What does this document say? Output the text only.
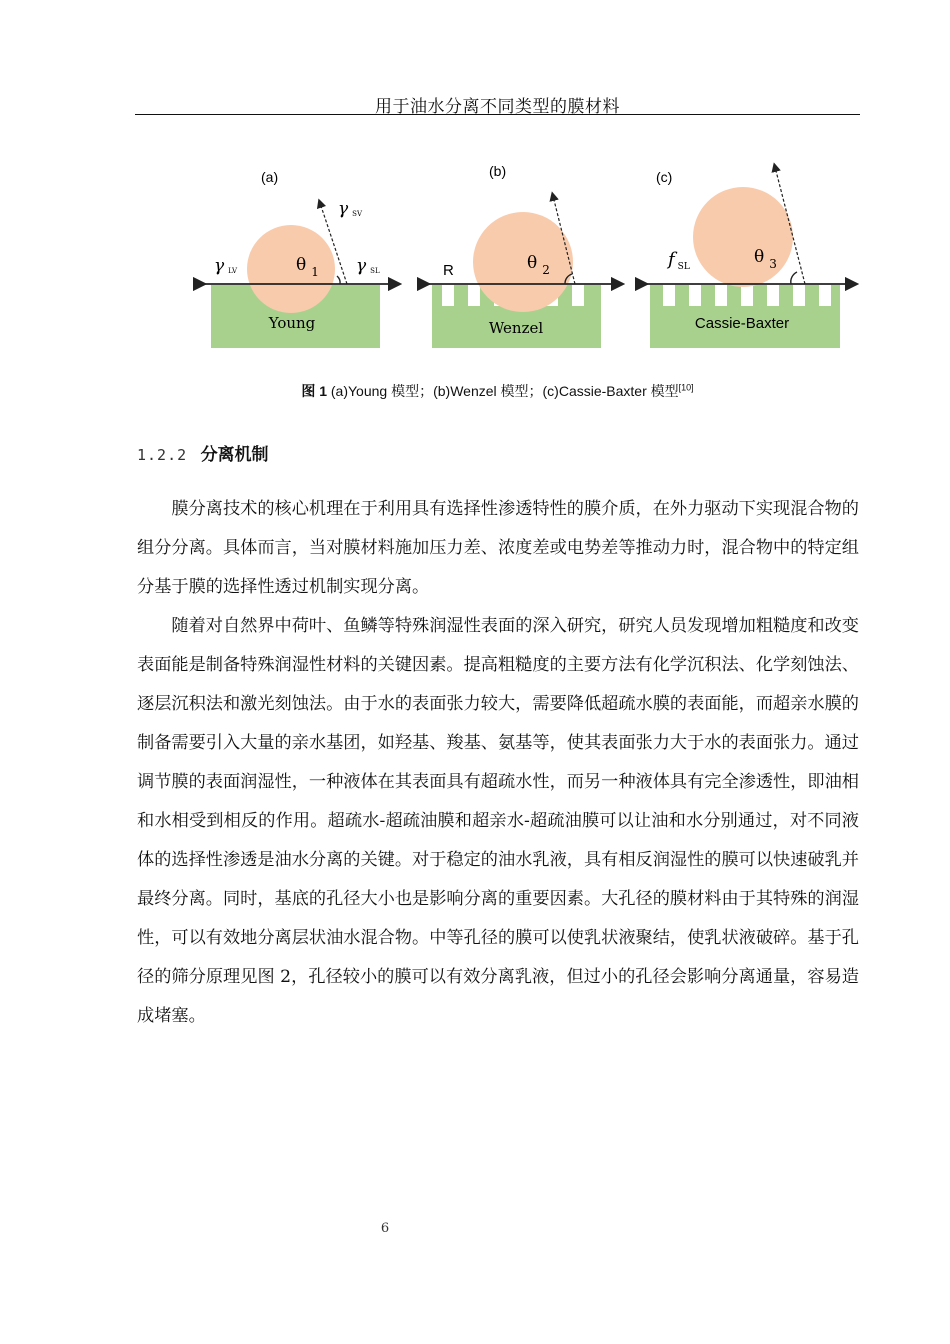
用于油水分离不同类型的膜材料
(a)
γSV
γLV	γSL
θ $_1$
Young
(b)
R	θ $_2$
Wenzel
(c)
f $_{SL}$	θ $_3$
Cassie-Baxter
图 1 (a)Young 模型；(b)Wenzel 模型；(c)Cassie-Baxter 模型[10]
1.2.2 分离机制

膜分离技术的核心机理在于利用具有选择性渗透特性的膜介质，在外力驱动下实现混合物的组分分离。具体而言，当对膜材料施加压力差、浓度差或电势差等推动力时，混合物中的特定组分基于膜的选择性透过机制实现分离。

随着对自然界中荷叶、鱼鳞等特殊润湿性表面的深入研究，研究人员发现增加粗糙度和改变表面能是制备特殊润湿性材料的关键因素。提高粗糙度的主要方法有化学沉积法、化学刻蚀法、逐层沉积法和激光刻蚀法。由于水的表面张力较大，需要降低超疏水膜的表面能，而超亲水膜的制备需要引入大量的亲水基团，如羟基、羧基、氨基等，使其表面张力大于水的表面张力。通过调节膜的表面润湿性，一种液体在其表面具有超疏水性，而另一种液体具有完全渗透性，即油相和水相受到相反的作用。超疏水-超疏油膜和超亲水-超疏油膜可以让油和水分别通过，对不同液体的选择性渗透是油水分离的关键。对于稳定的油水乳液，具有相反润湿性的膜可以快速破乳并最终分离。同时，基底的孔径大小也是影响分离的重要因素。大孔径的膜材料由于其特殊的润湿性，可以有效地分离层状油水混合物。中等孔径的膜可以使乳状液聚结，使乳状液破碎。基于孔径的筛分原理见图 2，孔径较小的膜可以有效分离乳液，但过小的孔径会影响分离通量，容易造成堵塞。

6
